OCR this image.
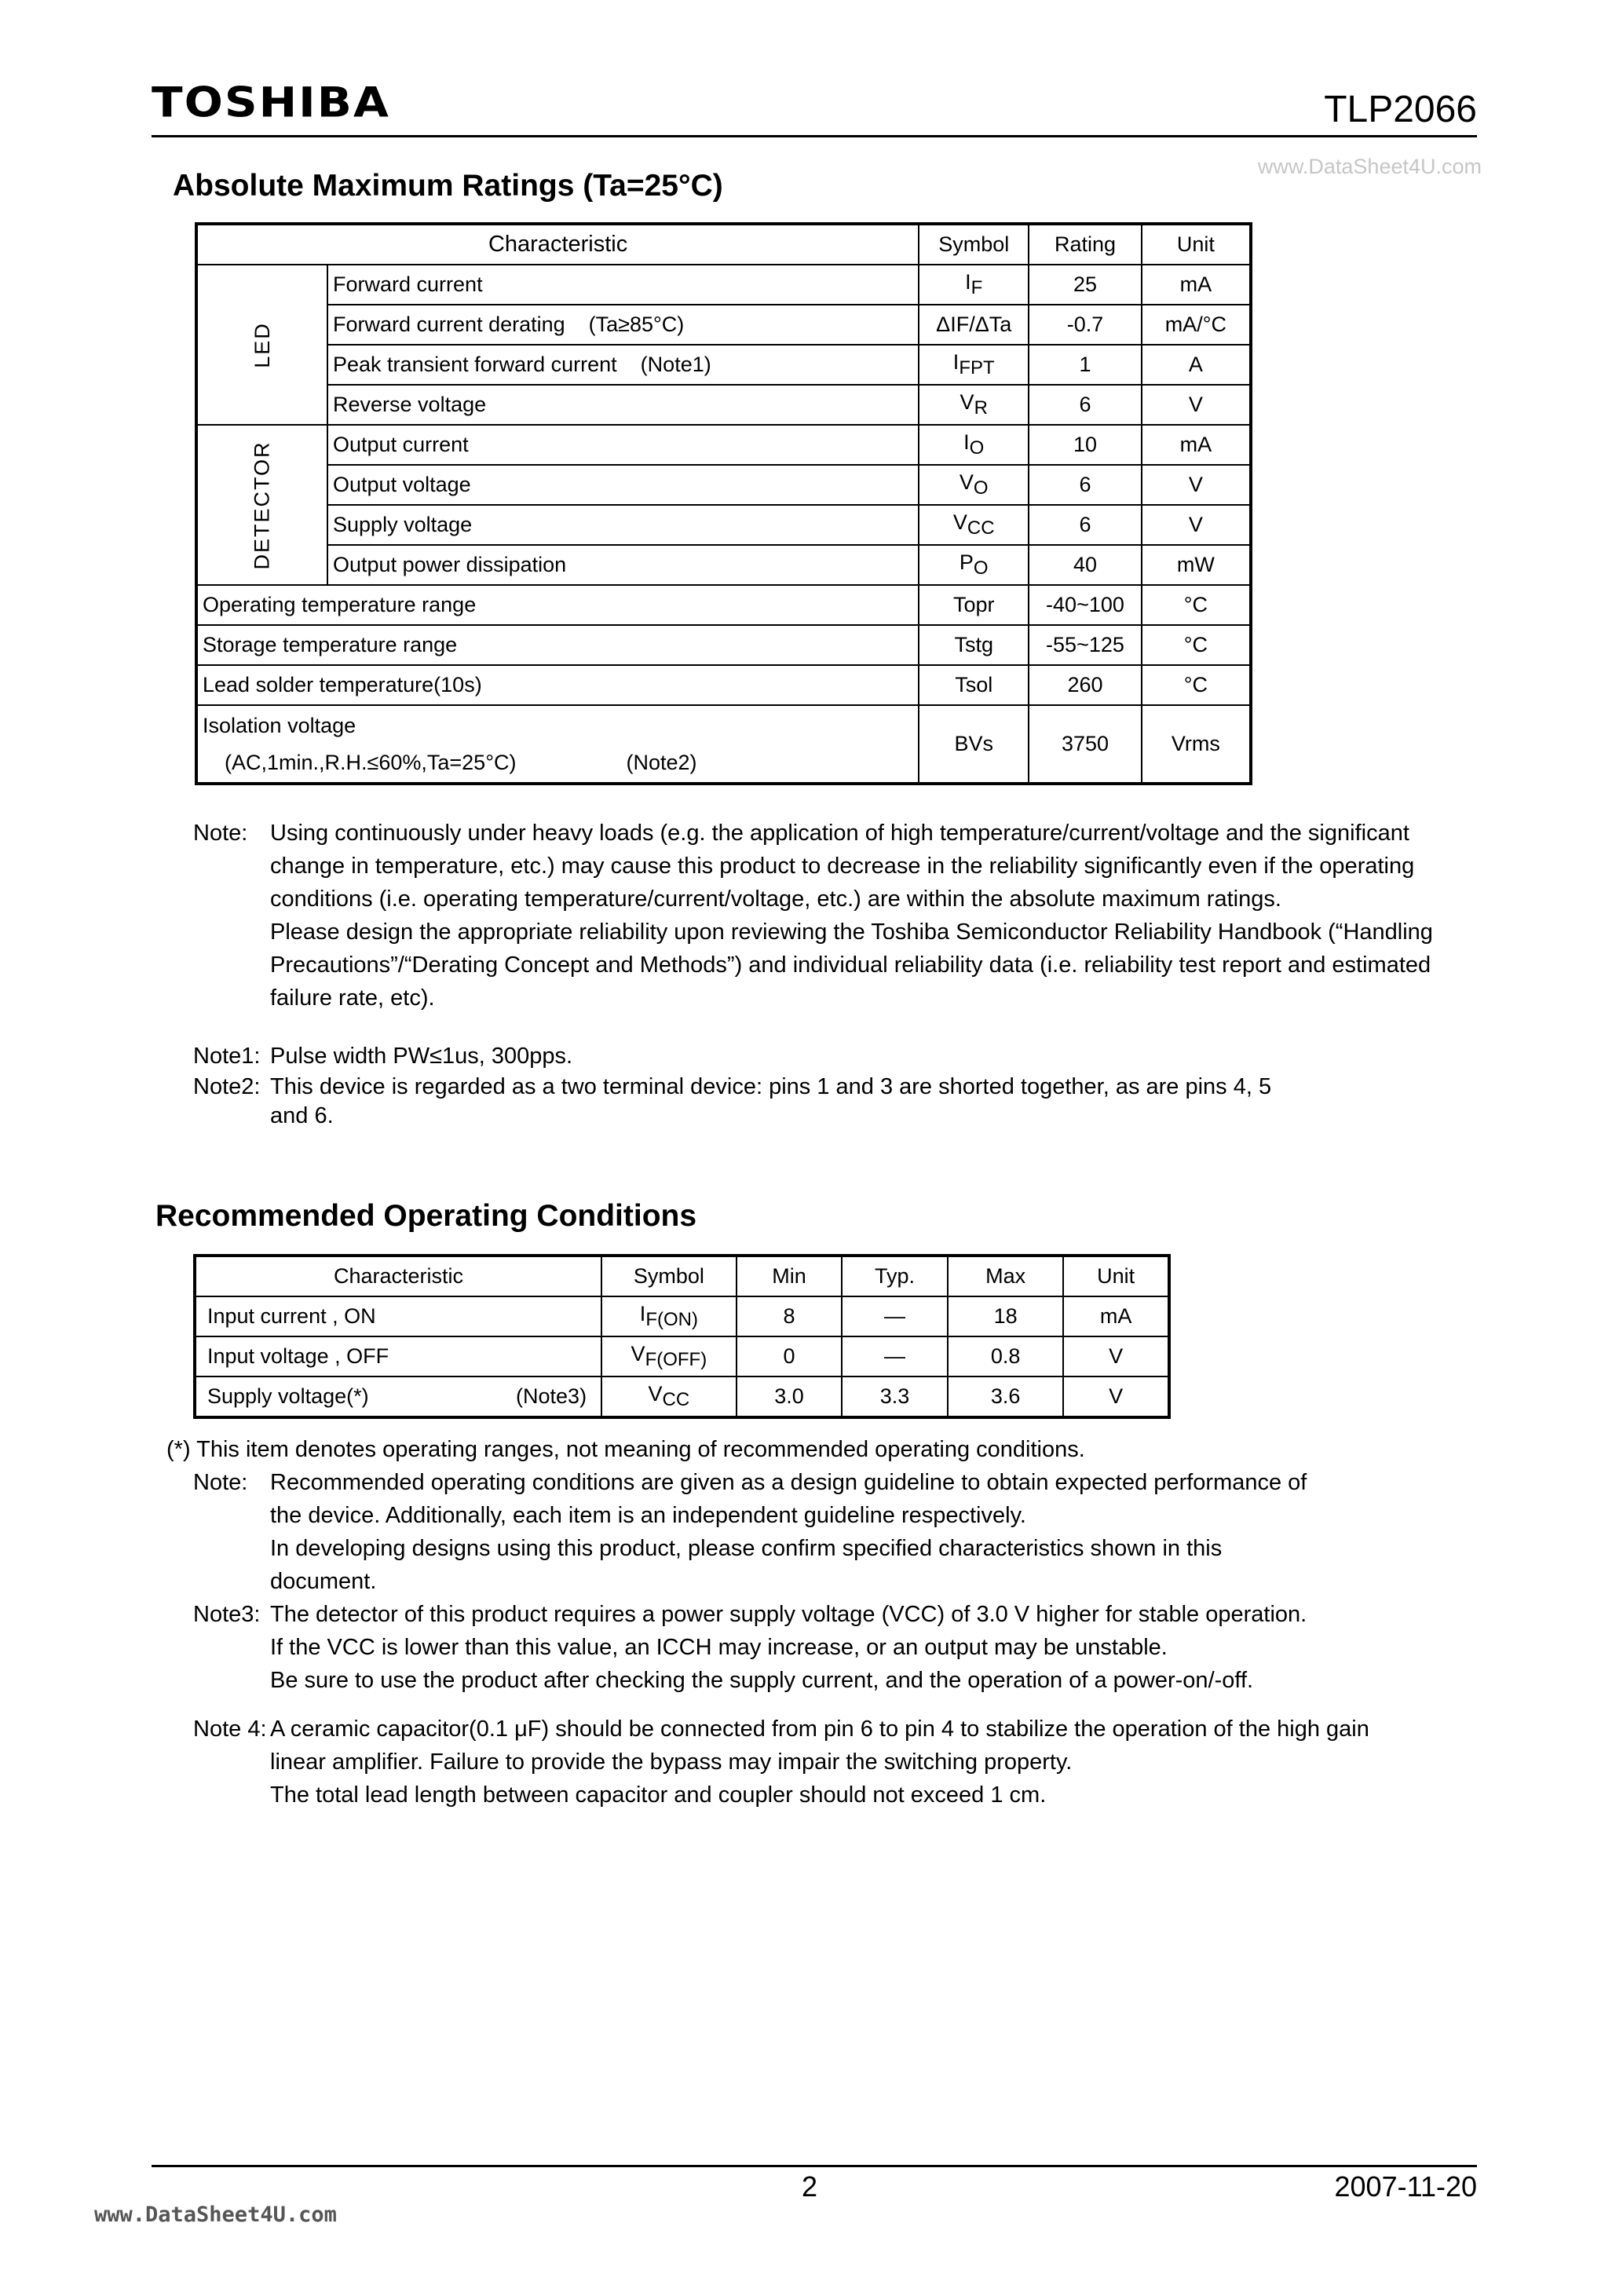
TOSHIBA	TLP2066
www.DataSheet4U.com
Absolute Maximum Ratings (Ta=25°C)
Characteristic		Symbol	Rating	Unit
LED	Forward current	$I_F$	25	mA
	Forward current derating    (Ta≥85°C)	ΔIF/ΔTa	-0.7	mA/°C
	Peak transient forward current    (Note1)	$I_{FPT}$	1	A
	Reverse voltage	$V_R$	6	V
DETECTOR	Output current	$I_O$	10	mA
	Output voltage	$V_O$	6	V
	Supply voltage	$V_{CC}$	6	V
	Output power dissipation	$P_O$	40	mW
Operating temperature range		Topr	-40~100	°C
Storage temperature range		Tstg	-55~125	°C
Lead solder temperature(10s)		Tsol	260	°C

Isolation voltage
(AC,1min.,R.H.≤60%,Ta=25°C) (Note2)		BVs	3750	Vrms
Note: Using continuously under heavy loads (e.g. the application of high temperature/current/voltage and the significant change in temperature, etc.) may cause this product to decrease in the reliability significantly even if the operating conditions (i.e. operating temperature/current/voltage, etc.) are within the absolute maximum ratings.

Please design the appropriate reliability upon reviewing the Toshiba Semiconductor Reliability Handbook (“Handling Precautions”/“Derating Concept and Methods”) and individual reliability data (i.e. reliability test report and estimated failure rate, etc).

Note1: Pulse width PW≤1us, 300pps.
Note2: This device is regarded as a two terminal device: pins 1 and 3 are shorted together, as are pins 4, 5 and 6.
Recommended Operating Conditions
Characteristic	Symbol	Min	Typ.	Max	Unit
Input current , ON	$I_{F(ON)}$	8	—	18	mA
Input voltage , OFF	$V_{F(OFF)}$	0	—	0.8	V
Supply voltage(*) (Note3)	$V_{CC}$	3.0	3.3	3.6	V
(*) This item denotes operating ranges, not meaning of recommended operating conditions.
Note: Recommended operating conditions are given as a design guideline to obtain expected performance of the device. Additionally, each item is an independent guideline respectively.

In developing designs using this product, please confirm specified characteristics shown in this document.

Note3: The detector of this product requires a power supply voltage (VCC) of 3.0 V higher for stable operation.

If the VCC is lower than this value, an ICCH may increase, or an output may be unstable.

Be sure to use the product after checking the supply current, and the operation of a power-on/-off.

Note 4: A ceramic capacitor(0.1 μF) should be connected from pin 6 to pin 4 to stabilize the operation of the high gain linear amplifier. Failure to provide the bypass may impair the switching property.

The total lead length between capacitor and coupler should not exceed 1 cm.

2	2007-11-20
www.DataSheet4U.com
